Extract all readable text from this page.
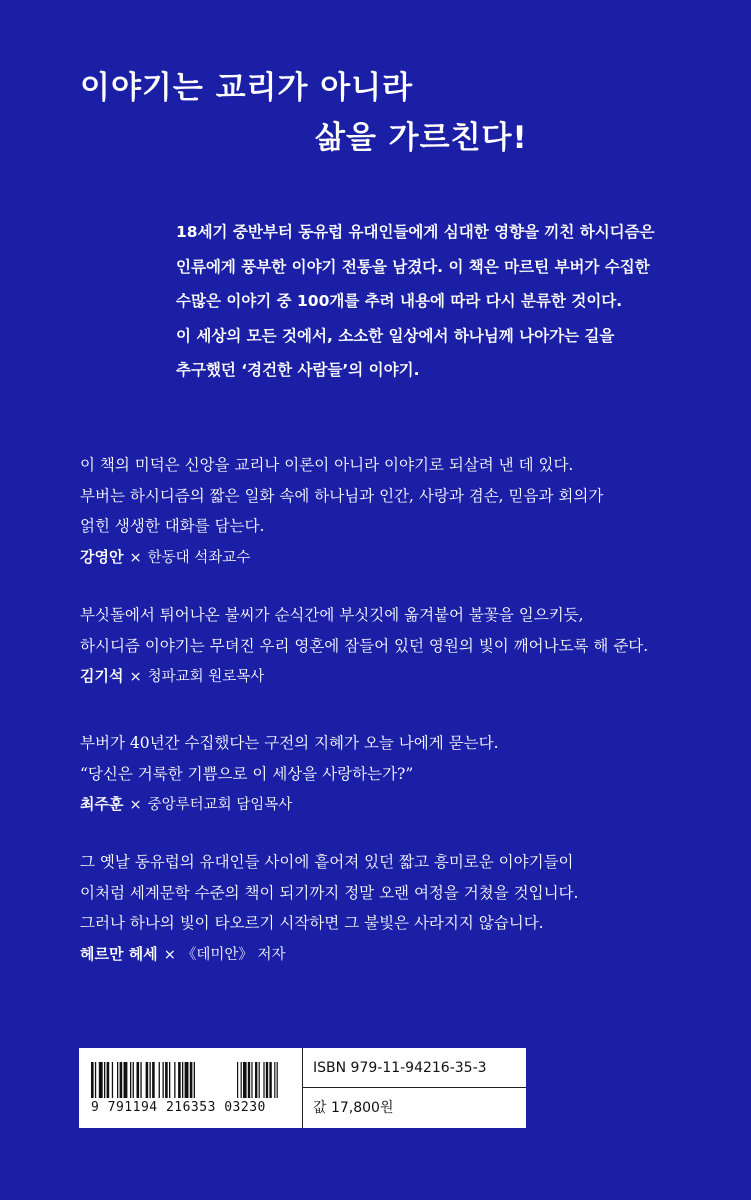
이야기는 교리가 아니라
삶을 가르친다!
18세기 중반부터 동유럽 유대인들에게 심대한 영향을 끼친 하시디즘은
인류에게 풍부한 이야기 전통을 남겼다. 이 책은 마르틴 부버가 수집한
수많은 이야기 중 100개를 추려 내용에 따라 다시 분류한 것이다.
이 세상의 모든 것에서, 소소한 일상에서 하나님께 나아가는 길을
추구했던 ‘경건한 사람들’의 이야기.
이 책의 미덕은 신앙을 교리나 이론이 아니라 이야기로 되살려 낸 데 있다.
부버는 하시디즘의 짧은 일화 속에 하나님과 인간, 사랑과 겸손, 믿음과 회의가
얽힌 생생한 대화를 담는다.
강영안 × 한동대 석좌교수
부싯돌에서 튀어나온 불씨가 순식간에 부싯깃에 옮겨붙어 불꽃을 일으키듯,
하시디즘 이야기는 무뎌진 우리 영혼에 잠들어 있던 영원의 빛이 깨어나도록 해 준다.
김기석 × 청파교회 원로목사
부버가 40년간 수집했다는 구전의 지혜가 오늘 나에게 묻는다.
“당신은 거룩한 기쁨으로 이 세상을 사랑하는가?”
최주훈 × 중앙루터교회 담임목사
그 옛날 동유럽의 유대인들 사이에 흩어져 있던 짧고 흥미로운 이야기들이
이처럼 세계문학 수준의 책이 되기까지 정말 오랜 여정을 거쳤을 것입니다.
그러나 하나의 빛이 타오르기 시작하면 그 불빛은 사라지지 않습니다.
헤르만 헤세 × 《데미안》 저자
9 791194 216353 03230
ISBN 979-11-94216-35-3
값 17,800원
